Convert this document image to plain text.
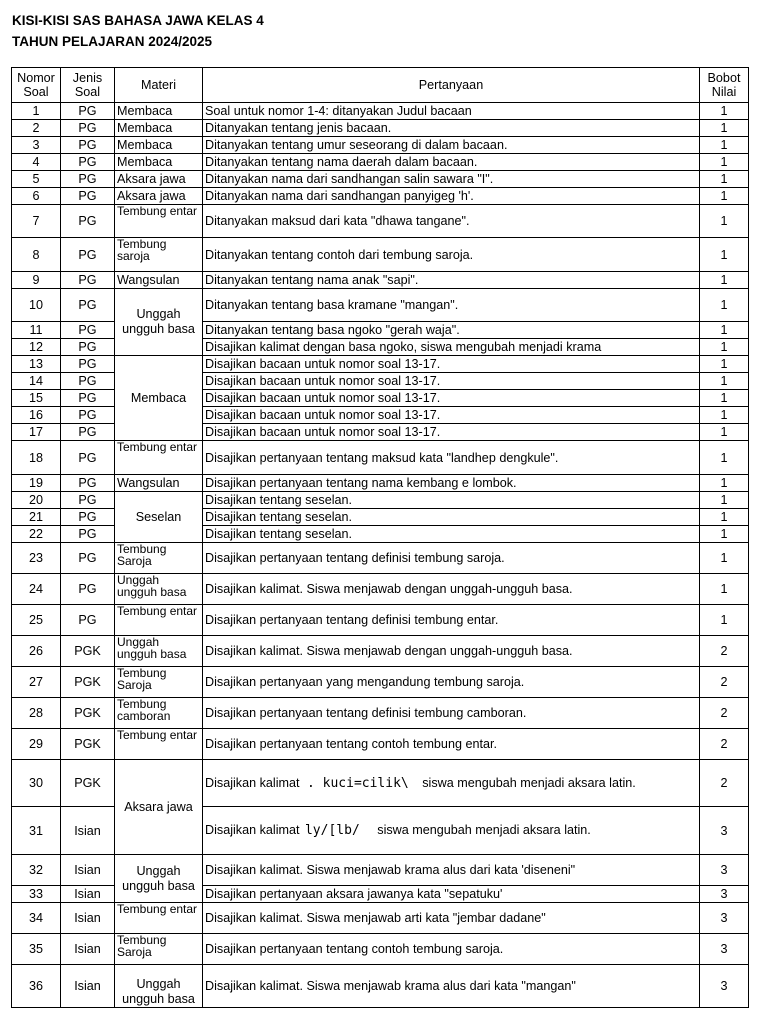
KISI-KISI SAS BAHASA JAWA KELAS 4
TAHUN PELAJARAN 2024/2025
Nomor Soal	Jenis Soal	Materi	Pertanyaan	Bobot Nilai
1	PG	Membaca	Soal untuk nomor 1-4: ditanyakan Judul bacaan	1
2	PG	Membaca	Ditanyakan tentang jenis bacaan.	1
3	PG	Membaca	Ditanyakan tentang umur seseorang di dalam bacaan.	1
4	PG	Membaca	Ditanyakan tentang nama daerah dalam bacaan.	1
5	PG	Aksara jawa	Ditanyakan nama dari sandhangan salin sawara "I".	1
6	PG	Aksara jawa	Ditanyakan nama dari sandhangan panyigeg 'h'.	1
7	PG	Tembung entar	Ditanyakan maksud dari kata "dhawa tangane".	1
8	PG	Tembung saroja	Ditanyakan tentang contoh dari tembung saroja.	1
9	PG	Wangsulan	Ditanyakan tentang nama anak "sapi".	1
10	PG	Unggah ungguh basa	Ditanyakan tentang basa kramane "mangan".	1
11	PG		Ditanyakan tentang basa ngoko "gerah waja".	1
12	PG		Disajikan kalimat dengan basa ngoko, siswa mengubah menjadi krama	1
13	PG	Membaca	Disajikan bacaan untuk nomor soal 13-17.	1
14	PG		Disajikan bacaan untuk nomor soal 13-17.	1
15	PG		Disajikan bacaan untuk nomor soal 13-17.	1
16	PG		Disajikan bacaan untuk nomor soal 13-17.	1
17	PG		Disajikan bacaan untuk nomor soal 13-17.	1
18	PG	Tembung entar	Disajikan pertanyaan tentang maksud kata "landhep dengkule".	1
19	PG	Wangsulan	Disajikan pertanyaan tentang nama kembang e lombok.	1
20	PG	Seselan	Disajikan tentang seselan.	1
21	PG		Disajikan tentang seselan.	1
22	PG		Disajikan tentang seselan.	1
23	PG	Tembung Saroja	Disajikan pertanyaan tentang definisi tembung saroja.	1
24	PG	Unggah ungguh basa	Disajikan kalimat. Siswa menjawab dengan unggah-ungguh basa.	1
25	PG	Tembung entar	Disajikan pertanyaan tentang definisi tembung entar.	1
26	PGK	Unggah ungguh basa	Disajikan kalimat. Siswa menjawab dengan unggah-ungguh basa.	2
27	PGK	Tembung Saroja	Disajikan pertanyaan yang mengandung tembung saroja.	2
28	PGK	Tembung camboran	Disajikan pertanyaan tentang definisi tembung camboran.	2
29	PGK	Tembung entar	Disajikan pertanyaan tentang contoh tembung entar.	2
30	PGK	Aksara jawa	Disajikan kalimat . kuci=cilik\ siswa mengubah menjadi aksara latin.	2
31	Isian		Disajikan kalimat ly/[lb/ siswa mengubah menjadi aksara latin.	3
32	Isian	Unggah ungguh basa	Disajikan kalimat. Siswa menjawab krama alus dari kata 'diseneni"	3
33	Isian		Disajikan pertanyaan aksara jawanya kata "sepatuku'	3
34	Isian	Tembung entar	Disajikan kalimat. Siswa menjawab arti kata "jembar dadane"	3
35	Isian	Tembung Saroja	Disajikan pertanyaan tentang contoh tembung saroja.	3
36	Isian	Unggah ungguh basa	Disajikan kalimat. Siswa menjawab krama alus dari kata "mangan"	3
